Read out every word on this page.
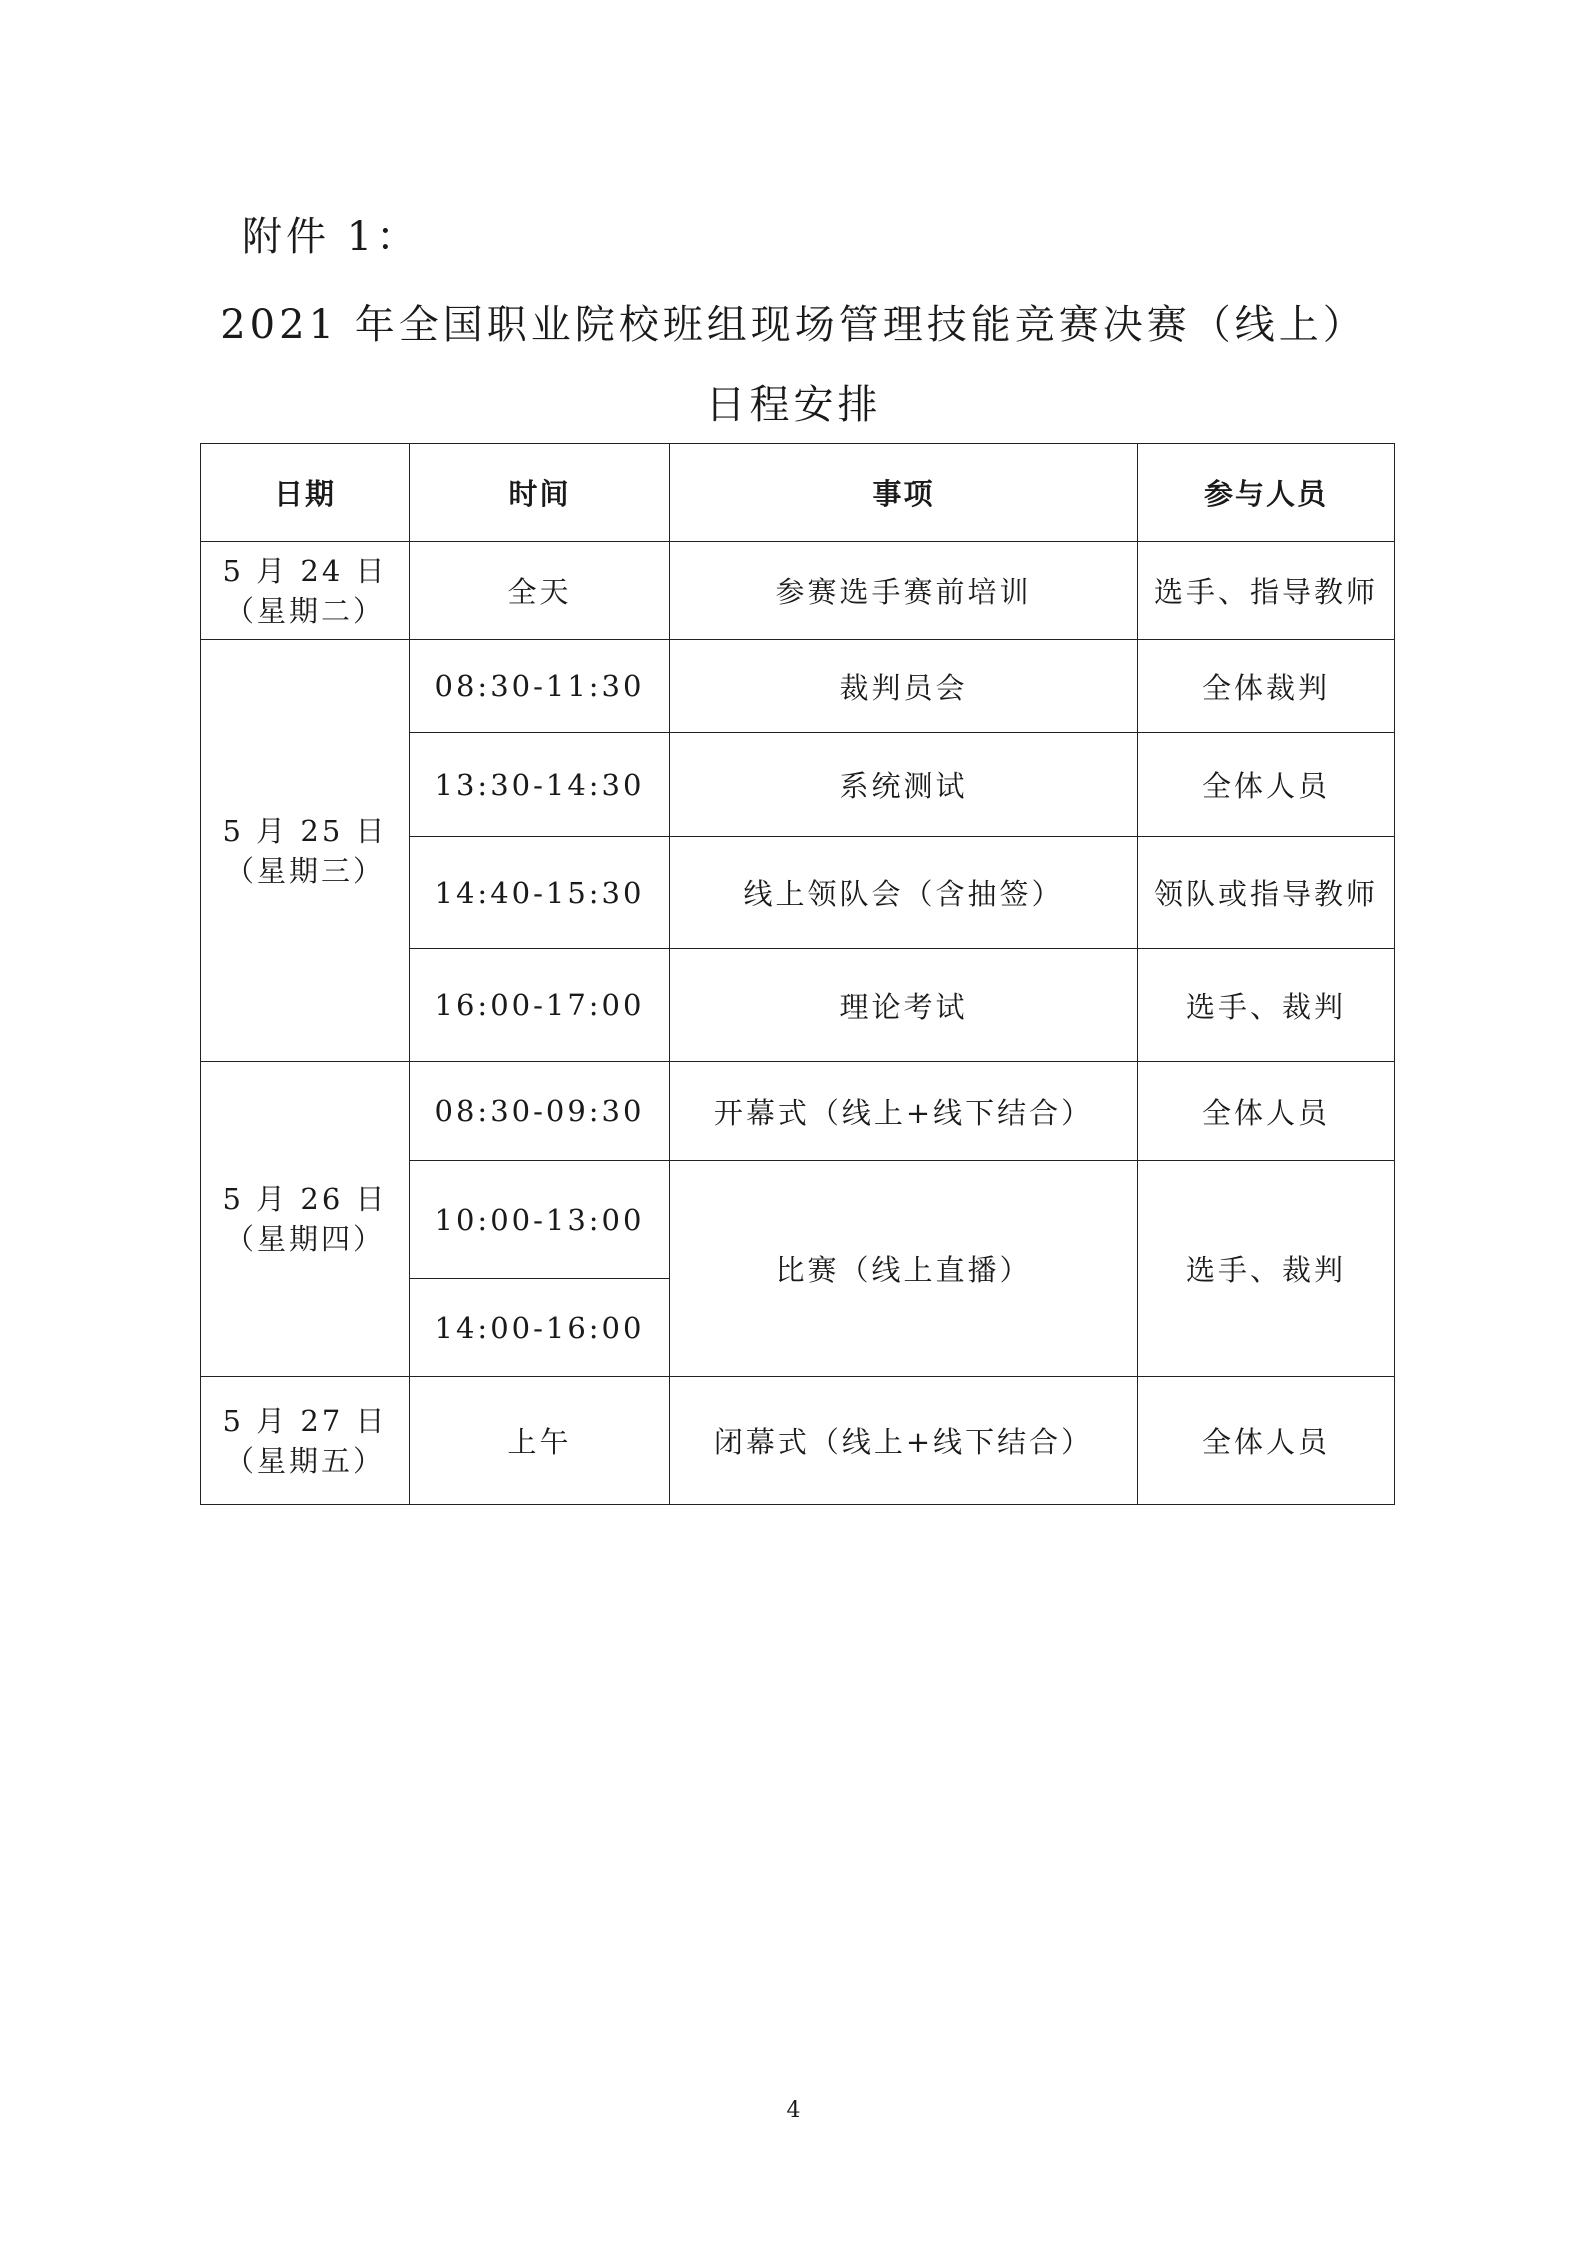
附件 1：
2021 年全国职业院校班组现场管理技能竞赛决赛（线上）
日程安排
日期	时间	事项	参与人员

5 月 24 日
（星期二）	全天	参赛选手赛前培训	选手、指导教师

5 月 25 日
（星期三）	08:30-11:30	裁判员会	全体裁判
	13:30-14:30	系统测试	全体人员
	14:40-15:30	线上领队会（含抽签）	领队或指导教师
	16:00-17:00	理论考试	选手、裁判

5 月 26 日
（星期四）	08:30-09:30	开幕式（线上+线下结合）	全体人员
	10:00-13:00	比赛（线上直播）	选手、裁判
	14:00-16:00		

5 月 27 日
（星期五）	上午	闭幕式（线上+线下结合）	全体人员
4
